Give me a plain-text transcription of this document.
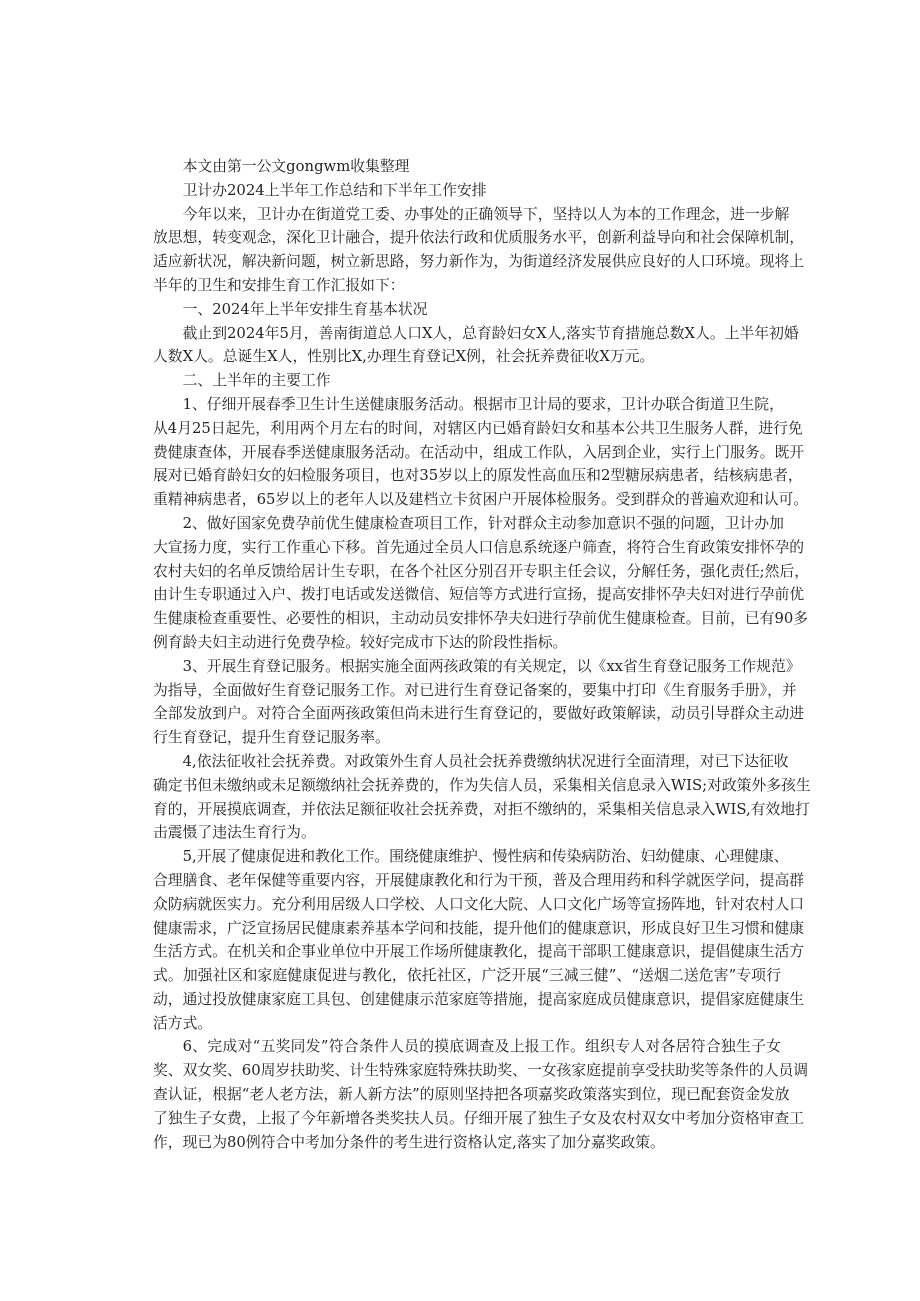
本文由第一公文gongwm收集整理
卫计办2024上半年工作总结和下半年工作安排
今年以来，卫计办在街道党工委、办事处的正确领导下，坚持以人为本的工作理念，进一步解
放思想，转变观念，深化卫计融合，提升依法行政和优质服务水平，创新利益导向和社会保障机制，
适应新状况，解决新问题，树立新思路，努力新作为，为街道经济发展供应良好的人口环境。现将上
半年的卫生和安排生育工作汇报如下：
一、2024年上半年安排生育基本状况
截止到2024年5月，善南街道总人口X人，总育龄妇女X人,落实节育措施总数X人。上半年初婚
人数X人。总诞生X人，性别比X,办理生育登记X例，社会抚养费征收X万元。
二、上半年的主要工作
1、仔细开展春季卫生计生送健康服务活动。根据市卫计局的要求，卫计办联合街道卫生院，
从4月25日起先，利用两个月左右的时间，对辖区内已婚育龄妇女和基本公共卫生服务人群，进行免
费健康查体，开展春季送健康服务活动。在活动中，组成工作队，入居到企业，实行上门服务。既开
展对已婚育龄妇女的妇检服务项目，也对35岁以上的原发性高血压和2型糖尿病患者，结核病患者，
重精神病患者，65岁以上的老年人以及建档立卡贫困户开展体检服务。受到群众的普遍欢迎和认可。
2、做好国家免费孕前优生健康检查项目工作，针对群众主动参加意识不强的问题，卫计办加
大宣扬力度，实行工作重心下移。首先通过全员人口信息系统逐户筛查，将符合生育政策安排怀孕的
农村夫妇的名单反馈给居计生专职，在各个社区分别召开专职主任会议，分解任务，强化责任;然后，
由计生专职通过入户、拨打电话或发送微信、短信等方式进行宣扬，提高安排怀孕夫妇对进行孕前优
生健康检查重要性、必要性的相识，主动动员安排怀孕夫妇进行孕前优生健康检查。目前，已有90多
例育龄夫妇主动进行免费孕检。较好完成市下达的阶段性指标。
3、开展生育登记服务。根据实施全面两孩政策的有关规定，以《xx省生育登记服务工作规范》
为指导，全面做好生育登记服务工作。对已进行生育登记备案的，要集中打印《生育服务手册》，并
全部发放到户。对符合全面两孩政策但尚未进行生育登记的，要做好政策解读，动员引导群众主动进
行生育登记，提升生育登记服务率。
4,依法征收社会抚养费。对政策外生育人员社会抚养费缴纳状况进行全面清理，对已下达征收
确定书但未缴纳或未足额缴纳社会抚养费的，作为失信人员，采集相关信息录入WIS;对政策外多孩生
育的，开展摸底调查，并依法足额征收社会抚养费，对拒不缴纳的，采集相关信息录入WIS,有效地打
击震慑了违法生育行为。
5,开展了健康促进和教化工作。围绕健康维护、慢性病和传染病防治、妇幼健康、心理健康、
合理膳食、老年保健等重要内容，开展健康教化和行为干预，普及合理用药和科学就医学问，提高群
众防病就医实力。充分利用居级人口学校、人口文化大院、人口文化广场等宣扬阵地，针对农村人口
健康需求，广泛宣扬居民健康素养基本学问和技能，提升他们的健康意识，形成良好卫生习惯和健康
生活方式。在机关和企事业单位中开展工作场所健康教化，提高干部职工健康意识，提倡健康生活方
式。加强社区和家庭健康促进与教化，依托社区，广泛开展“三减三健”、“送烟二送危害”专项行
动，通过投放健康家庭工具包、创建健康示范家庭等措施，提高家庭成员健康意识，提倡家庭健康生
活方式。
6、完成对“五奖同发”符合条件人员的摸底调查及上报工作。组织专人对各居符合独生子女
奖、双女奖、60周岁扶助奖、计生特殊家庭特殊扶助奖、一女孩家庭提前享受扶助奖等条件的人员调
查认证，根据“老人老方法，新人新方法”的原则坚持把各项嘉奖政策落实到位，现已配套资金发放
了独生子女费，上报了今年新增各类奖扶人员。仔细开展了独生子女及农村双女中考加分资格审查工
作，现已为80例符合中考加分条件的考生进行资格认定,落实了加分嘉奖政策。
